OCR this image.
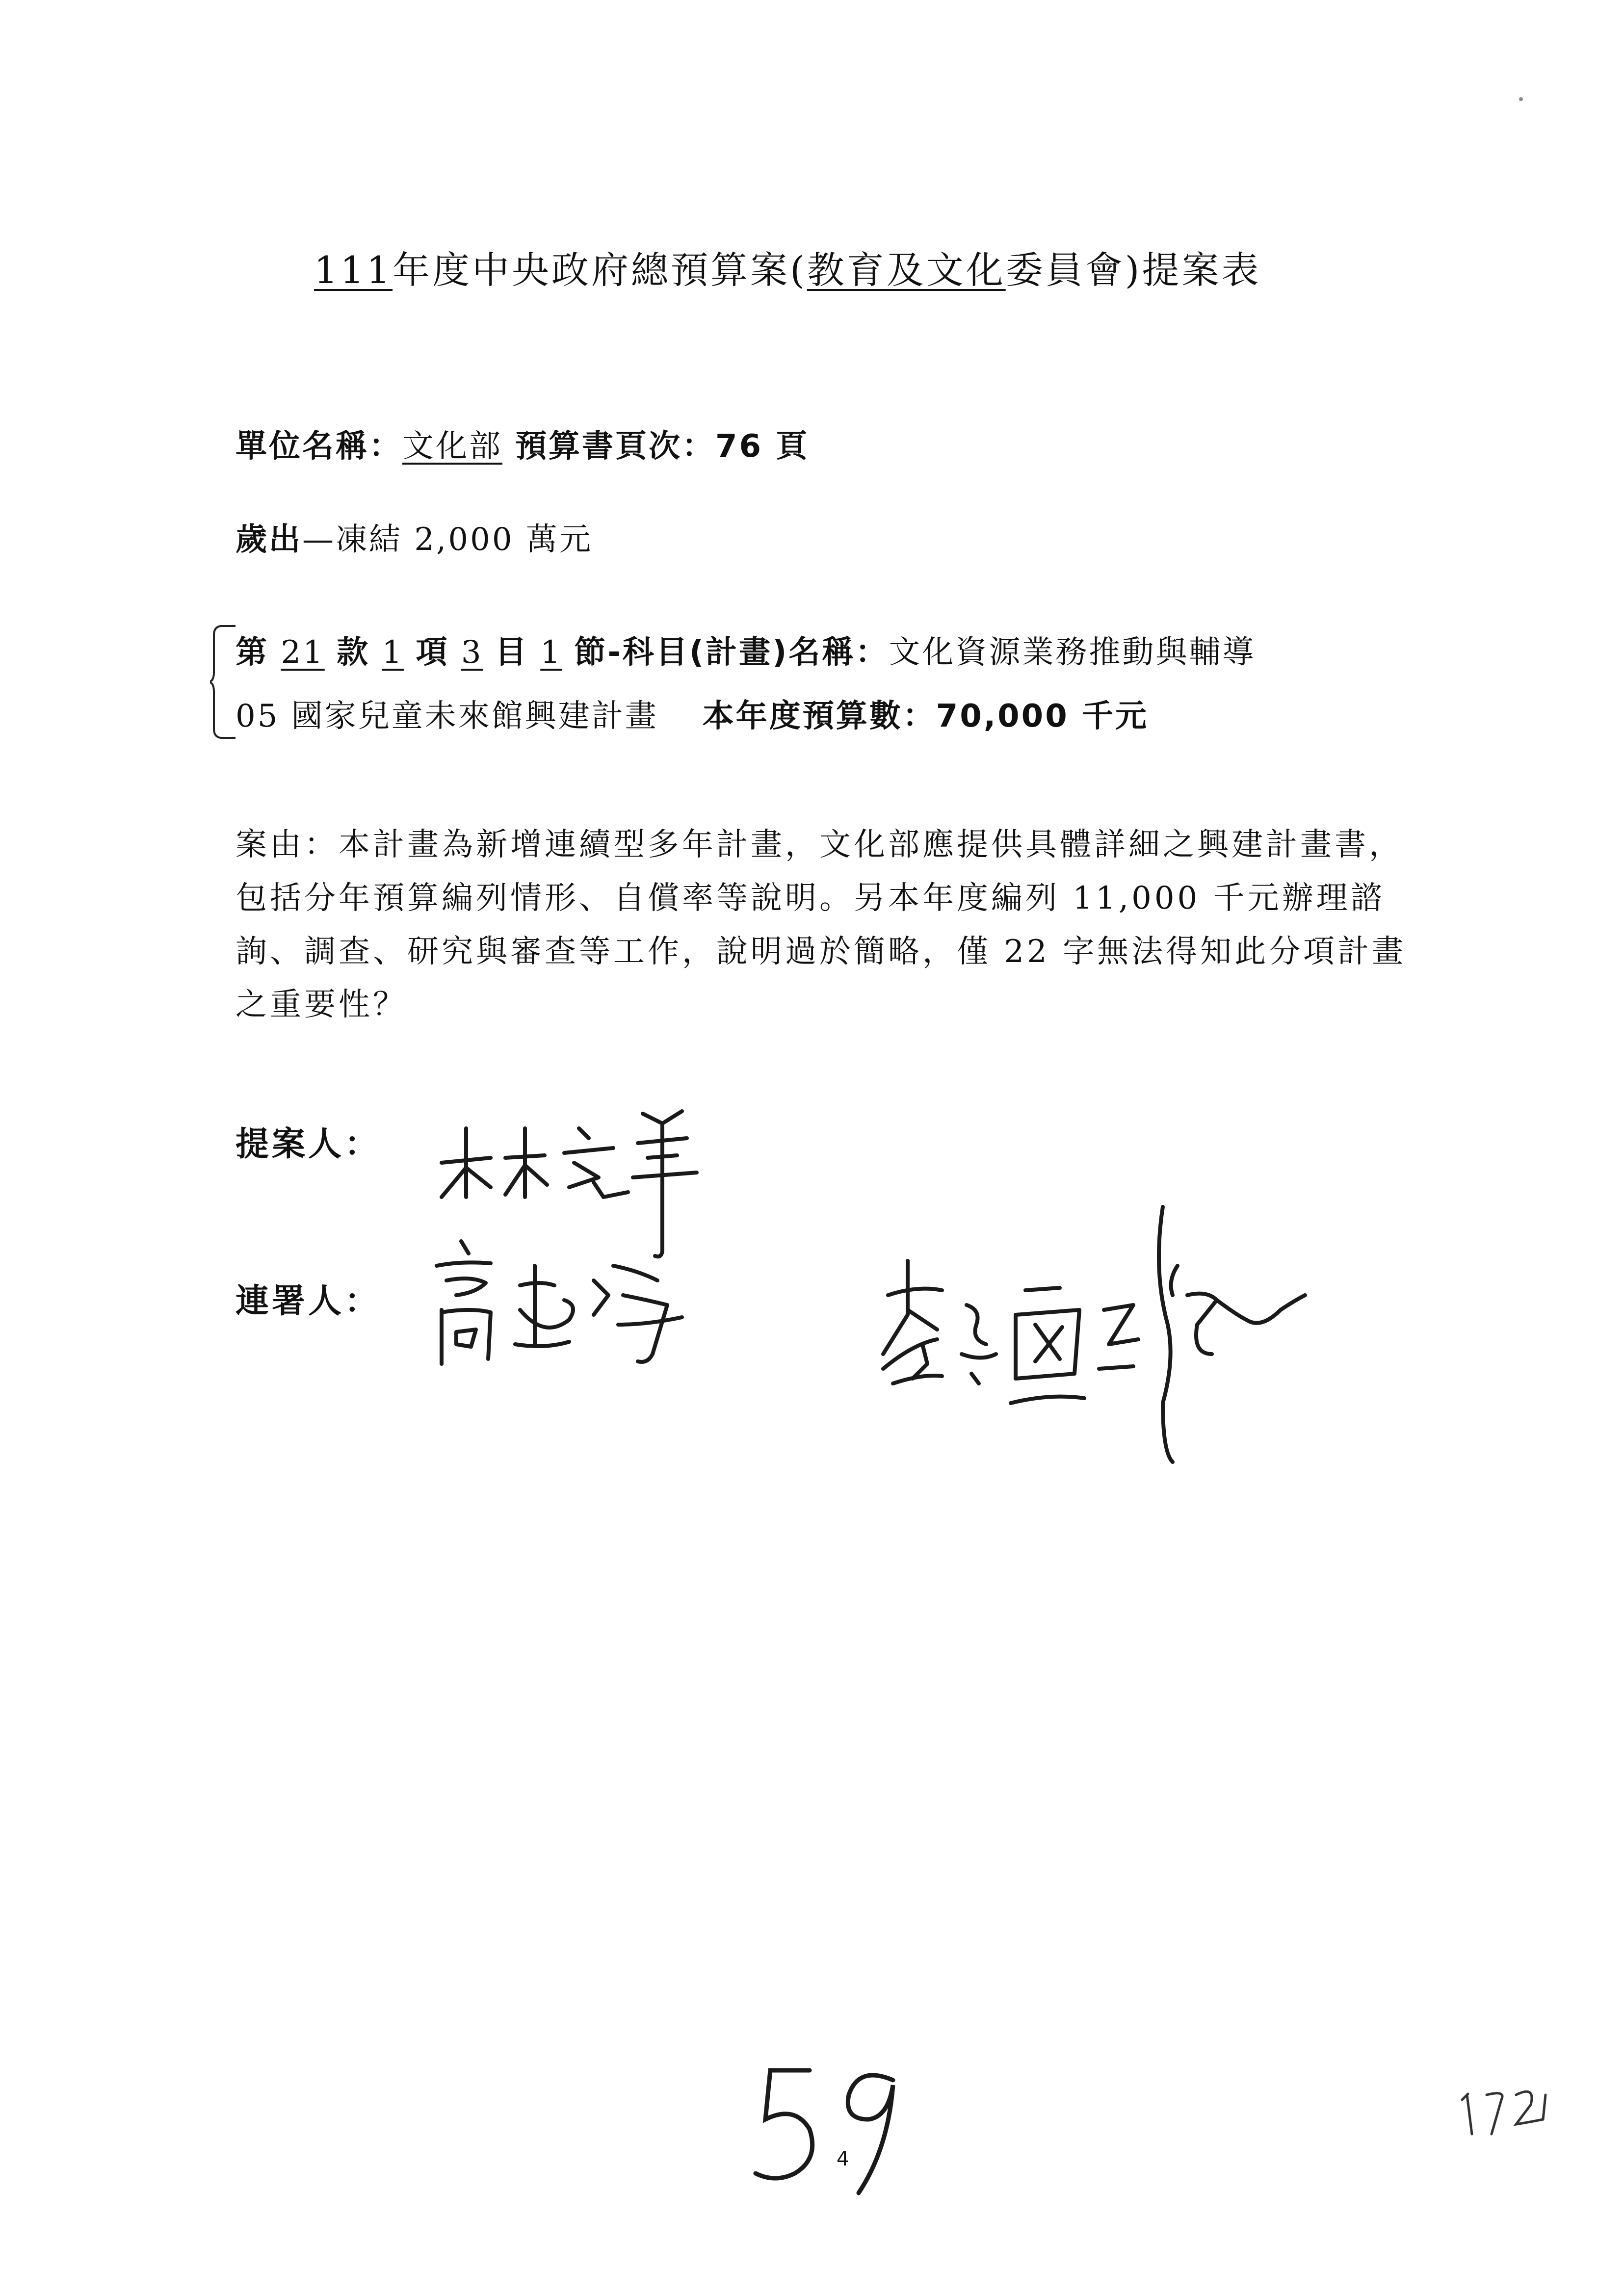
111年度中央政府總預算案(教育及文化委員會)提案表
單位名稱：文化部 預算書頁次：76 頁
歲出—凍結 2,000 萬元
第 21 款 1 項 3 目 1 節-科目(計畫)名稱：文化資源業務推動與輔導
05 國家兒童未來館興建計畫 本年度預算數：70,000 千元
案由：本計畫為新增連續型多年計畫，文化部應提供具體詳細之興建計畫書，包括分年預算編列情形、自償率等說明。另本年度編列 11,000 千元辦理諮詢、調查、研究與審查等工作，說明過於簡略，僅 22 字無法得知此分項計畫之重要性？
提案人：
連署人：
4
